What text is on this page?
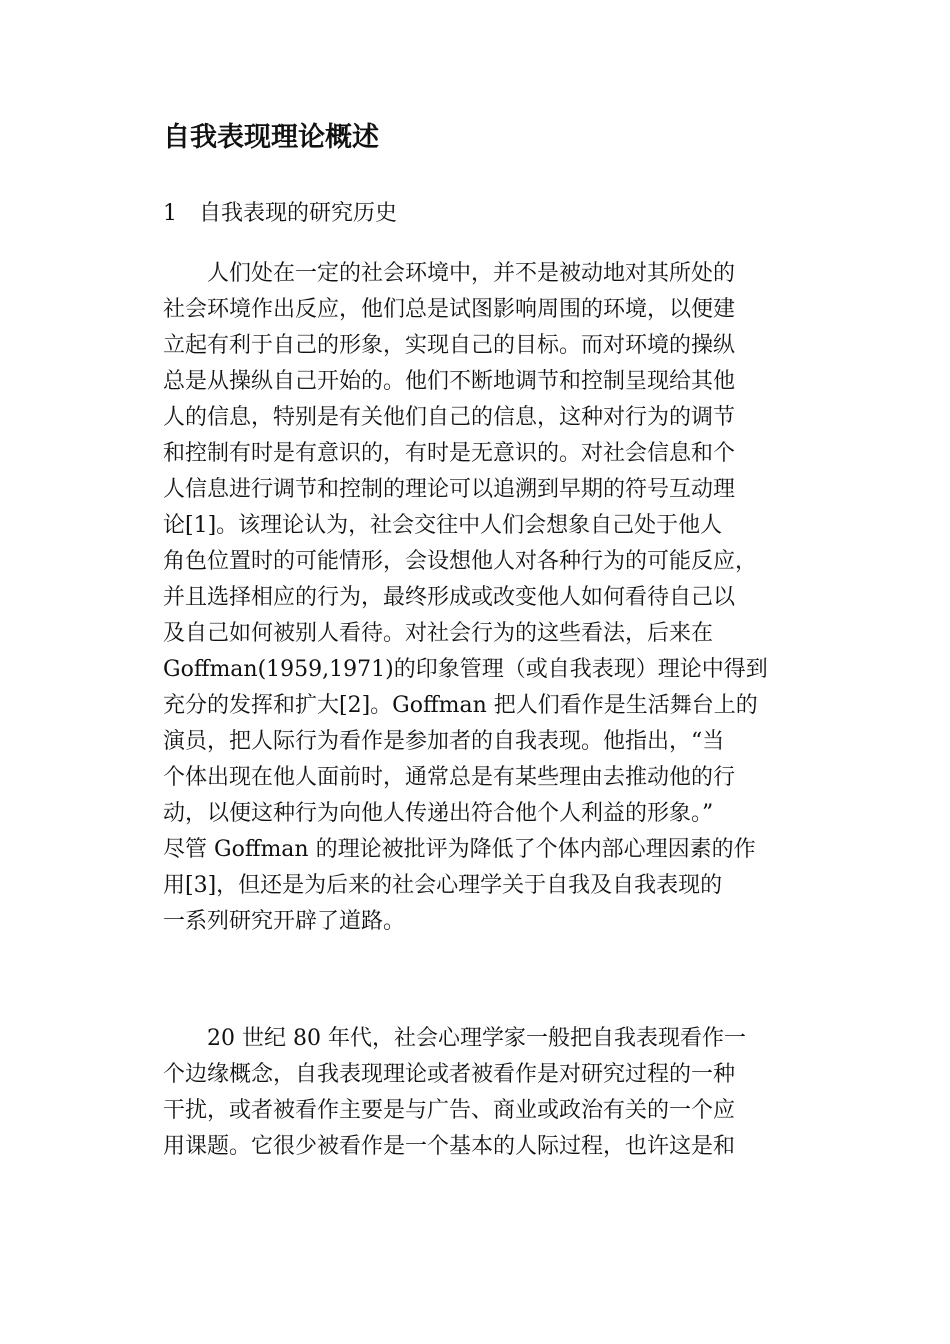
自我表现理论概述
1 自我表现的研究历史
　　人们处在一定的社会环境中，并不是被动地对其所处的
社会环境作出反应，他们总是试图影响周围的环境，以便建
立起有利于自己的形象，实现自己的目标。而对环境的操纵
总是从操纵自己开始的。他们不断地调节和控制呈现给其他
人的信息，特别是有关他们自己的信息，这种对行为的调节
和控制有时是有意识的，有时是无意识的。对社会信息和个
人信息进行调节和控制的理论可以追溯到早期的符号互动理
论[1]。该理论认为，社会交往中人们会想象自己处于他人
角色位置时的可能情形，会设想他人对各种行为的可能反应，
并且选择相应的行为，最终形成或改变他人如何看待自己以
及自己如何被别人看待。对社会行为的这些看法，后来在
Goffman(1959,1971)的印象管理（或自我表现）理论中得到
充分的发挥和扩大[2]。Goffman 把人们看作是生活舞台上的
演员，把人际行为看作是参加者的自我表现。他指出，“当
个体出现在他人面前时，通常总是有某些理由去推动他的行
动，以便这种行为向他人传递出符合他个人利益的形象。”
尽管 Goffman 的理论被批评为降低了个体内部心理因素的作
用[3]，但还是为后来的社会心理学关于自我及自我表现的
一系列研究开辟了道路。
　　20 世纪 80 年代，社会心理学家一般把自我表现看作一
个边缘概念，自我表现理论或者被看作是对研究过程的一种
干扰，或者被看作主要是与广告、商业或政治有关的一个应
用课题。它很少被看作是一个基本的人际过程，也许这是和
